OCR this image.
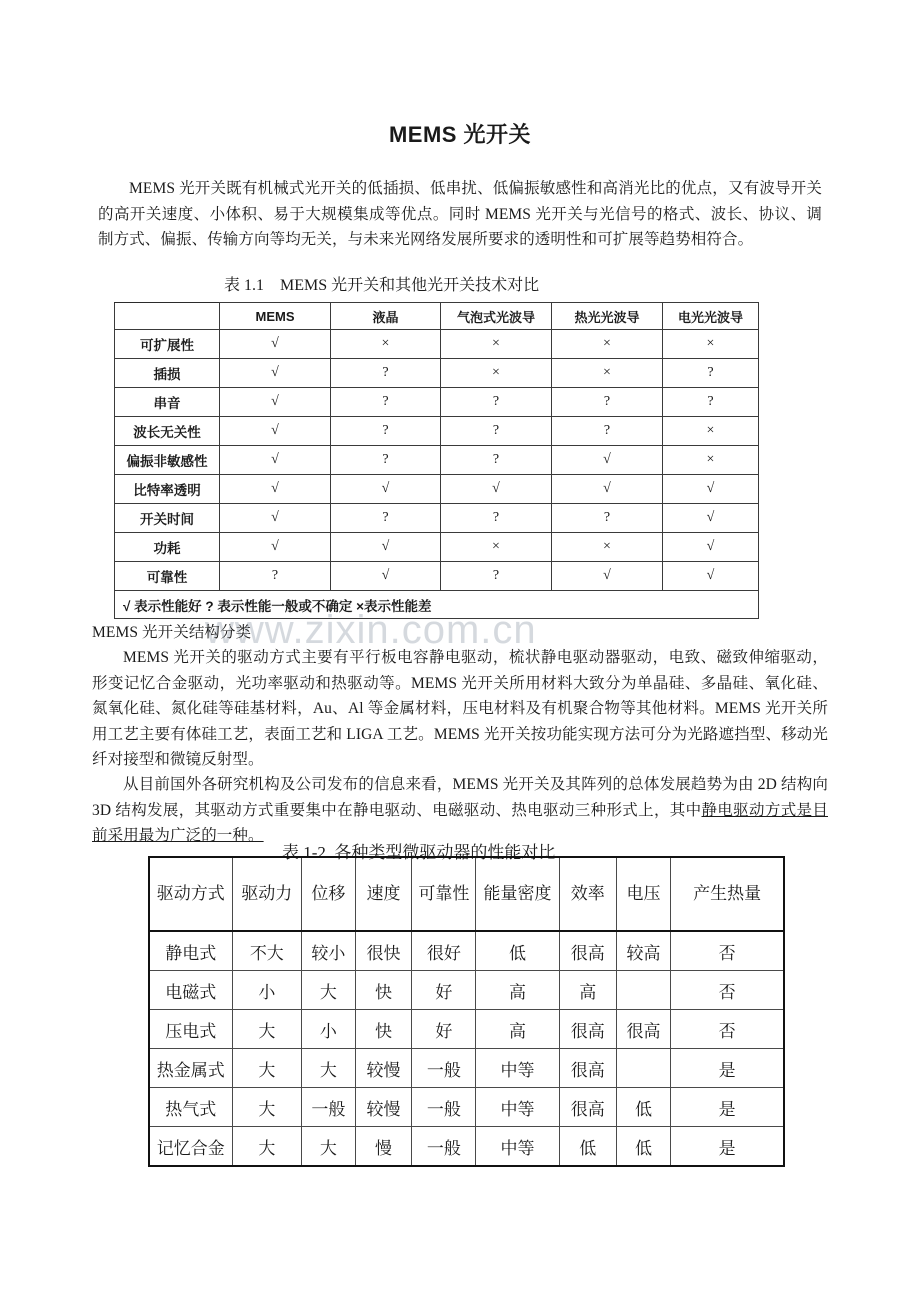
www.zixin.com.cn
MEMS 光开关
MEMS 光开关既有机械式光开关的低插损、低串扰、低偏振敏感性和高消光比的优点，又有波导开关的高开关速度、小体积、易于大规模集成等优点。同时 MEMS 光开关与光信号的格式、波长、协议、调制方式、偏振、传输方向等均无关，与未来光网络发展所要求的透明性和可扩展等趋势相符合。
表 1.1    MEMS 光开关和其他光开关技术对比
	MEMS	液晶	气泡式光波导	热光光波导	电光光波导
可扩展性	√	×	×	×	×
插损	√	?	×	×	?
串音	√	?	?	?	?
波长无关性	√	?	?	?	×
偏振非敏感性	√	?	?	√	×
比特率透明	√	√	√	√	√
开关时间	√	?	?	?	√
功耗	√	√	×	×	√
可靠性	?	√	?	√	√
√ 表示性能好 ? 表示性能一般或不确定 ×表示性能差					
MEMS 光开关结构分类
MEMS 光开关的驱动方式主要有平行板电容静电驱动，梳状静电驱动器驱动，电致、磁致伸缩驱动，形变记忆合金驱动，光功率驱动和热驱动等。MEMS 光开关所用材料大致分为单晶硅、多晶硅、氧化硅、氮氧化硅、氮化硅等硅基材料，Au、Al 等金属材料，压电材料及有机聚合物等其他材料。MEMS 光开关所用工艺主要有体硅工艺，表面工艺和 LIGA 工艺。MEMS 光开关按功能实现方法可分为光路遮挡型、移动光纤对接型和微镜反射型。
从目前国外各研究机构及公司发布的信息来看，MEMS 光开关及其阵列的总体发展趋势为由 2D 结构向 3D 结构发展，其驱动方式重要集中在静电驱动、电磁驱动、热电驱动三种形式上，其中静电驱动方式是目前采用最为广泛的一种。
表 1-2  各种类型微驱动器的性能对比
驱动方式	驱动力	位移	速度	可靠性	能量密度	效率	电压	产生热量
静电式	不大	较小	很快	很好	低	很高	较高	否
电磁式	小	大	快	好	高	高		否
压电式	大	小	快	好	高	很高	很高	否
热金属式	大	大	较慢	一般	中等	很高		是
热气式	大	一般	较慢	一般	中等	很高	低	是
记忆合金	大	大	慢	一般	中等	低	低	是
